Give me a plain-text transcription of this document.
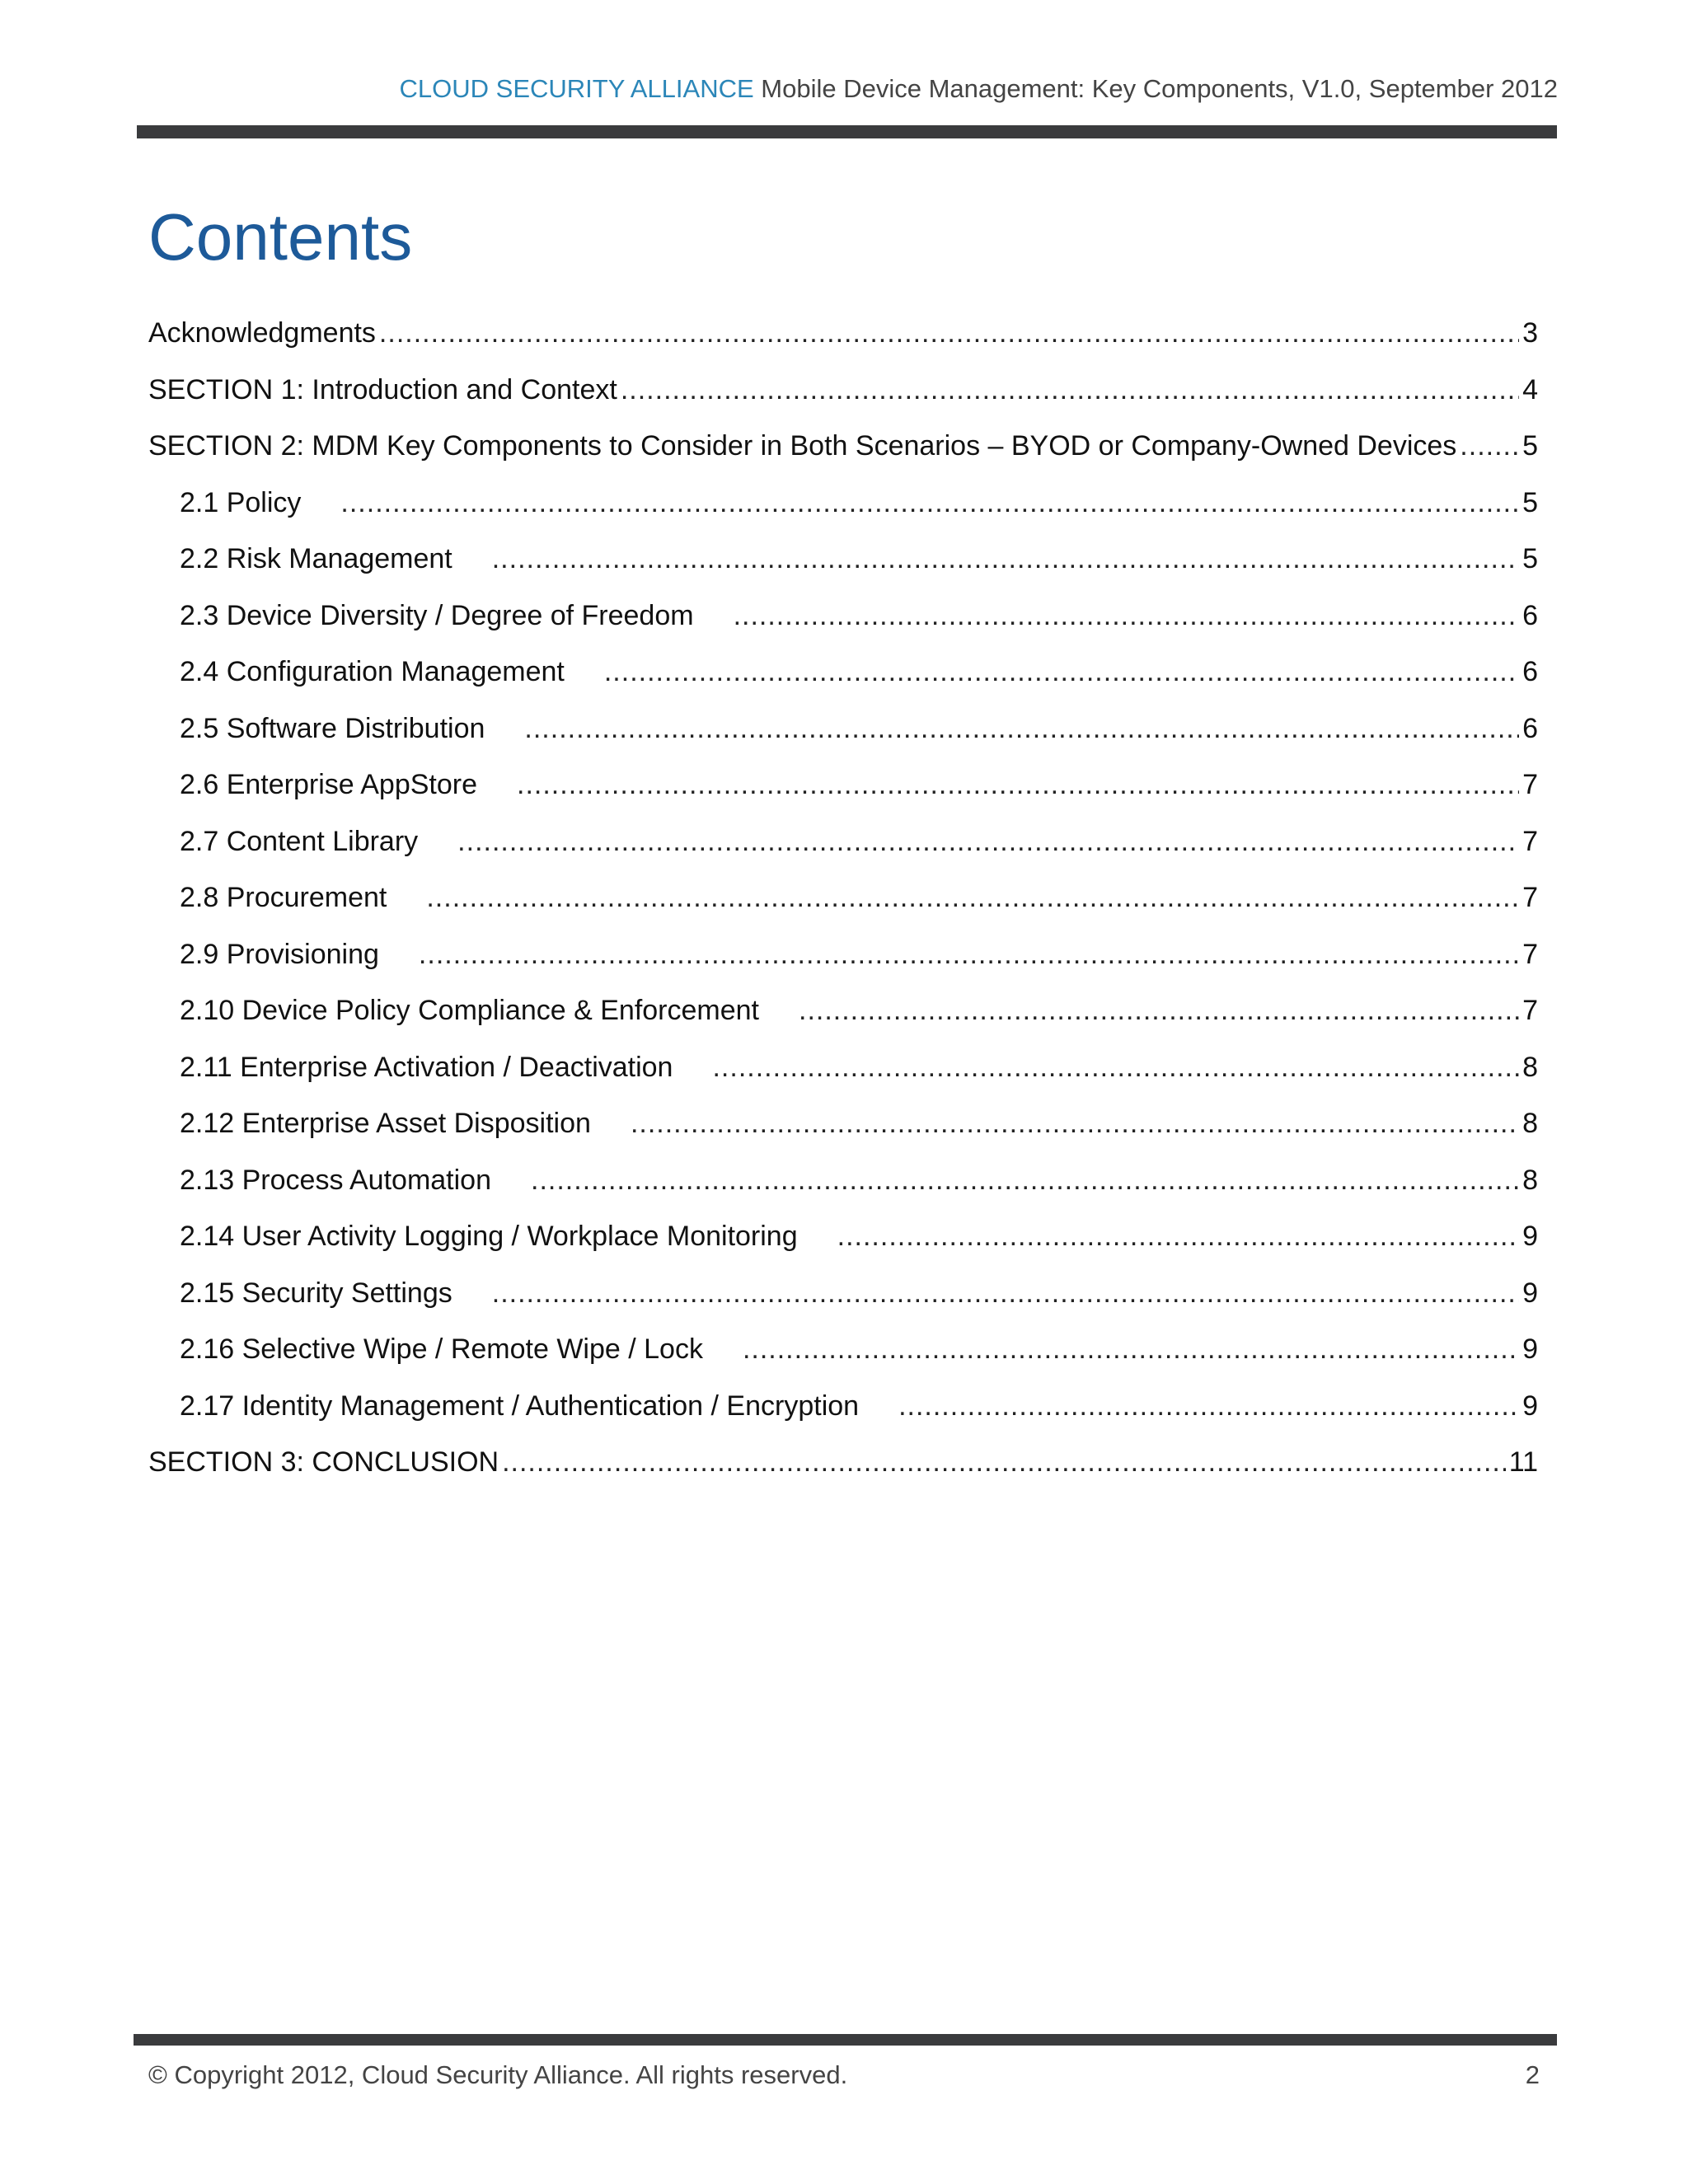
CLOUD SECURITY ALLIANCE Mobile Device Management: Key Components, V1.0, September 2012
Contents
Acknowledgments .....	3
SECTION 1: Introduction and Context .....	4
SECTION 2: MDM Key Components to Consider in Both Scenarios – BYOD or Company-Owned Devices ..... 5
2.1 Policy .....	5
2.2 Risk Management .....	5
2.3 Device Diversity / Degree of Freedom .....	6
2.4 Configuration Management .....	6
2.5 Software Distribution .....	6
2.6 Enterprise AppStore .....	7
2.7 Content Library .....	7
2.8 Procurement .....	7
2.9 Provisioning .....	7
2.10 Device Policy Compliance & Enforcement .....	7
2.11 Enterprise Activation / Deactivation .....	8
2.12 Enterprise Asset Disposition .....	8
2.13 Process Automation .....	8
2.14 User Activity Logging / Workplace Monitoring .....	9
2.15 Security Settings .....	9
2.16 Selective Wipe / Remote Wipe / Lock .....	9
2.17 Identity Management / Authentication / Encryption .....	9
SECTION 3: CONCLUSION .....	11
© Copyright 2012, Cloud Security Alliance. All rights reserved.	2
